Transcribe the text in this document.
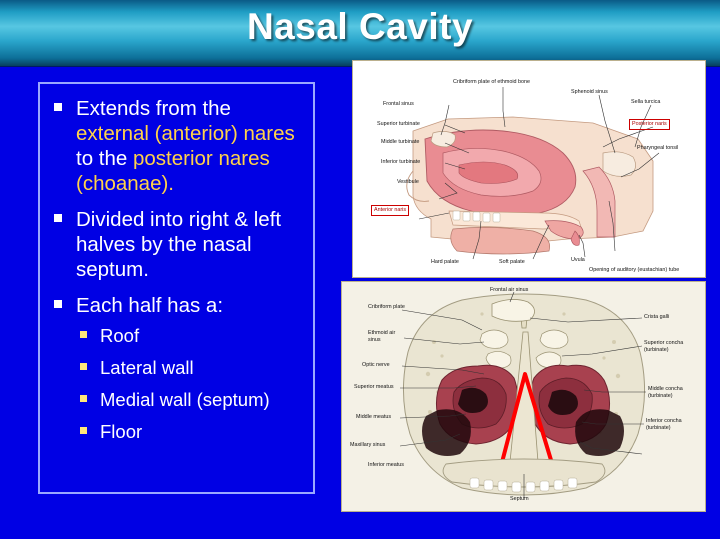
Nasal Cavity
Extends from the external (anterior) nares to the posterior nares (choanae).
Divided into right & left halves by the nasal septum.
Each half has a:
Roof
Lateral wall
Medial wall (septum)
Floor
Cribriform plate of ethmoid bone
Sphenoid sinus
Sella turcica
Frontal sinus
Posterior naris
Superior turbinate
Pharyngeal tonsil
Middle turbinate
Inferior turbinate
Vestibule
Anterior naris
Hard palate	Soft palate	Uvula
Opening of auditory (eustachian) tube
Frontal air sinus
Cribriform plate
Crista galli
Ethmoid air
sinus	Superior concha
(turbinate)
Optic nerve
Superior meatus	Middle concha
(turbinate)
Middle meatus
Maxillary sinus
Inferior concha
(turbinate)
Inferior meatus
Septum
